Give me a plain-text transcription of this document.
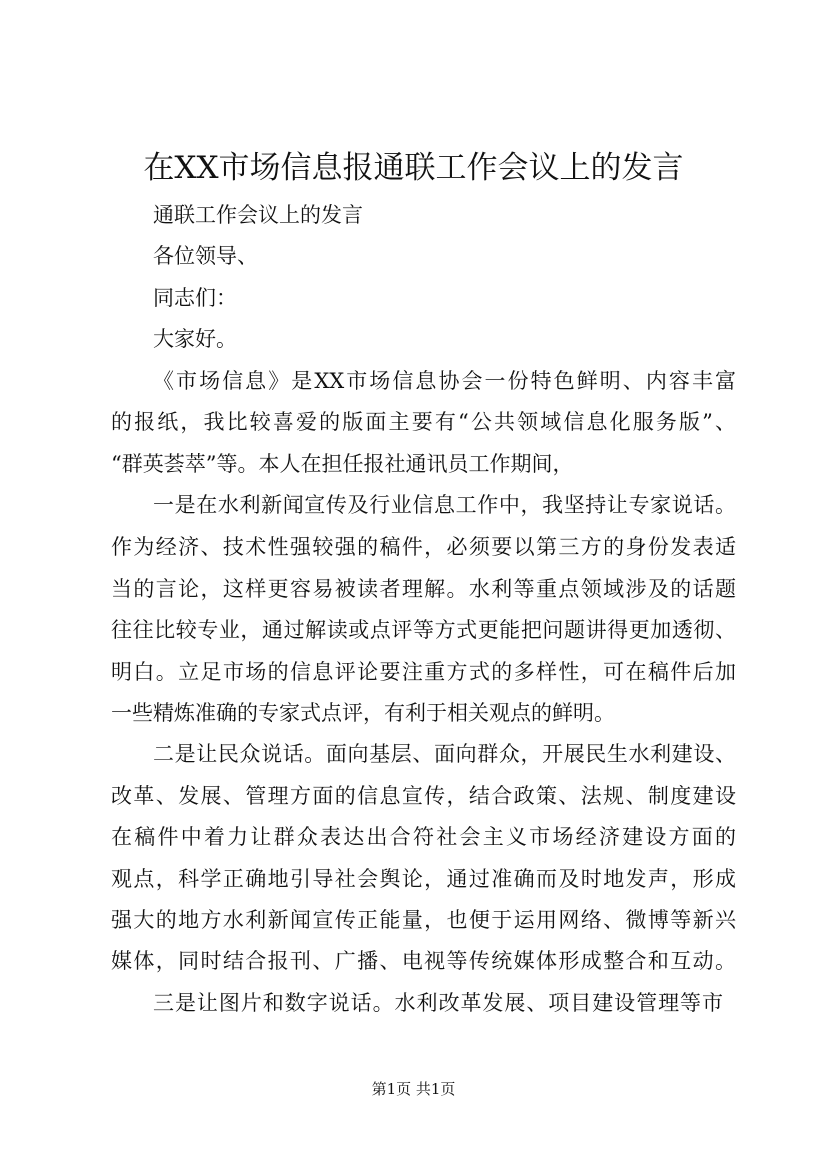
在XX市场信息报通联工作会议上的发言

通联工作会议上的发言

各位领导、

同志们：

大家好。

《市场信息》是XX市场信息协会一份特色鲜明、内容丰富

的报纸，我比较喜爱的版面主要有“公共领域信息化服务版”、

“群英荟萃”等。本人在担任报社通讯员工作期间，

一是在水利新闻宣传及行业信息工作中，我坚持让专家说话。

作为经济、技术性强较强的稿件，必须要以第三方的身份发表适

当的言论，这样更容易被读者理解。水利等重点领域涉及的话题

往往比较专业，通过解读或点评等方式更能把问题讲得更加透彻、

明白。立足市场的信息评论要注重方式的多样性，可在稿件后加

一些精炼准确的专家式点评，有利于相关观点的鲜明。

二是让民众说话。面向基层、面向群众，开展民生水利建设、

改革、发展、管理方面的信息宣传，结合政策、法规、制度建设

在稿件中着力让群众表达出合符社会主义市场经济建设方面的

观点，科学正确地引导社会舆论，通过准确而及时地发声，形成

强大的地方水利新闻宣传正能量，也便于运用网络、微博等新兴

媒体，同时结合报刊、广播、电视等传统媒体形成整合和互动。

三是让图片和数字说话。水利改革发展、项目建设管理等市

第1页 共1页
